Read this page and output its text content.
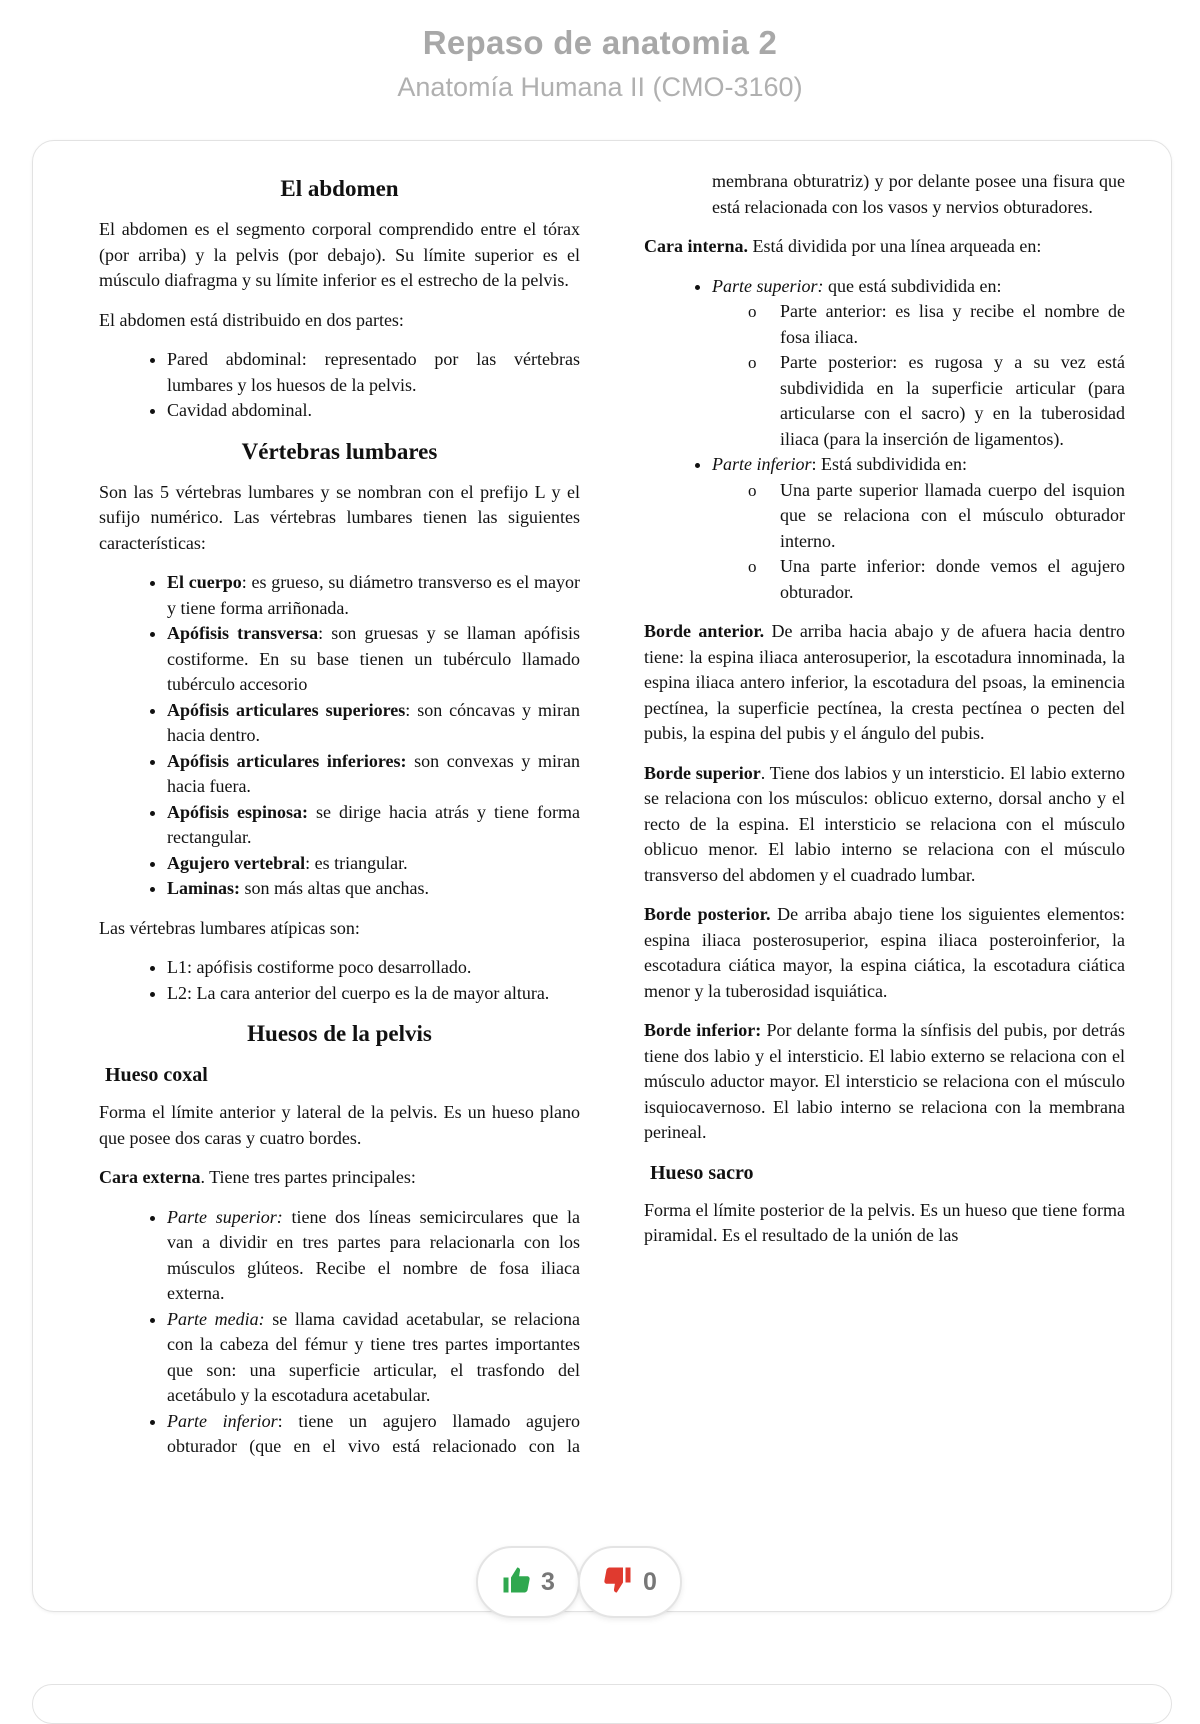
Repaso de anatomia 2
Anatomía Humana II (CMO-3160)
El abdomen

El abdomen es el segmento corporal comprendido entre el tórax (por arriba) y la pelvis (por debajo). Su límite superior es el músculo diafragma y su límite inferior es el estrecho de la pelvis.

El abdomen está distribuido en dos partes:

• Pared abdominal: representado por las vértebras lumbares y los huesos de la pelvis.
• Cavidad abdominal.
Vértebras lumbares

Son las 5 vértebras lumbares y se nombran con el prefijo L y el sufijo numérico. Las vértebras lumbares tienen las siguientes características:

• El cuerpo: es grueso, su diámetro transverso es el mayor y tiene forma arriñonada.
• Apófisis transversa: son gruesas y se llaman apófisis costiforme. En su base tienen un tubérculo llamado tubérculo accesorio
• Apófisis articulares superiores: son cóncavas y miran hacia dentro.
• Apófisis articulares inferiores: son convexas y miran hacia fuera.
• Apófisis espinosa: se dirige hacia atrás y tiene forma rectangular.
• Agujero vertebral: es triangular.
• Laminas: son más altas que anchas.

Las vértebras lumbares atípicas son:

• L1: apófisis costiforme poco desarrollado.
• L2: La cara anterior del cuerpo es la de mayor altura.
Huesos de la pelvis
Hueso coxal

Forma el límite anterior y lateral de la pelvis. Es un hueso plano que posee dos caras y cuatro bordes.

Cara externa. Tiene tres partes principales:

• Parte superior: tiene dos líneas semicirculares que la van a dividir en tres partes para relacionarla con los músculos glúteos. Recibe el nombre de fosa iliaca externa.
• Parte media: se llama cavidad acetabular, se relaciona con la cabeza del fémur y tiene tres partes importantes que son: una superficie articular, el trasfondo del acetábulo y la escotadura acetabular.
• Parte inferior: tiene un agujero llamado agujero obturador (que en el vivo está relacionado con la membrana obturatriz) y por delante posee una fisura que está relacionada con los vasos y nervios obturadores.

Cara interna. Está dividida por una línea arqueada en:

• Parte superior: que está subdividida en:
o Parte anterior: es lisa y recibe el nombre de fosa iliaca.
o Parte posterior: es rugosa y a su vez está subdividida en la superficie articular (para articularse con el sacro) y en la tuberosidad iliaca (para la inserción de ligamentos).
• Parte inferior: Está subdividida en:
o Una parte superior llamada cuerpo del isquion que se relaciona con el músculo obturador interno.
o Una parte inferior: donde vemos el agujero obturador.

Borde anterior. De arriba hacia abajo y de afuera hacia dentro tiene: la espina iliaca anterosuperior, la escotadura innominada, la espina iliaca antero inferior, la escotadura del psoas, la eminencia pectínea, la superficie pectínea, la cresta pectínea o pecten del pubis, la espina del pubis y el ángulo del pubis.

Borde superior. Tiene dos labios y un intersticio. El labio externo se relaciona con los músculos: oblicuo externo, dorsal ancho y el recto de la espina. El intersticio se relaciona con el músculo oblicuo menor. El labio interno se relaciona con el músculo transverso del abdomen y el cuadrado lumbar.

Borde posterior. De arriba abajo tiene los siguientes elementos: espina iliaca posterosuperior, espina iliaca posteroinferior, la escotadura ciática mayor, la espina ciática, la escotadura ciática menor y la tuberosidad isquiática.

Borde inferior: Por delante forma la sínfisis del pubis, por detrás tiene dos labio y el intersticio. El labio externo se relaciona con el músculo aductor mayor. El intersticio se relaciona con el músculo isquiocavernoso. El labio interno se relaciona con la membrana perineal.

Hueso sacro

Forma el límite posterior de la pelvis. Es un hueso que tiene forma piramidal. Es el resultado de la unión de las

3	0
